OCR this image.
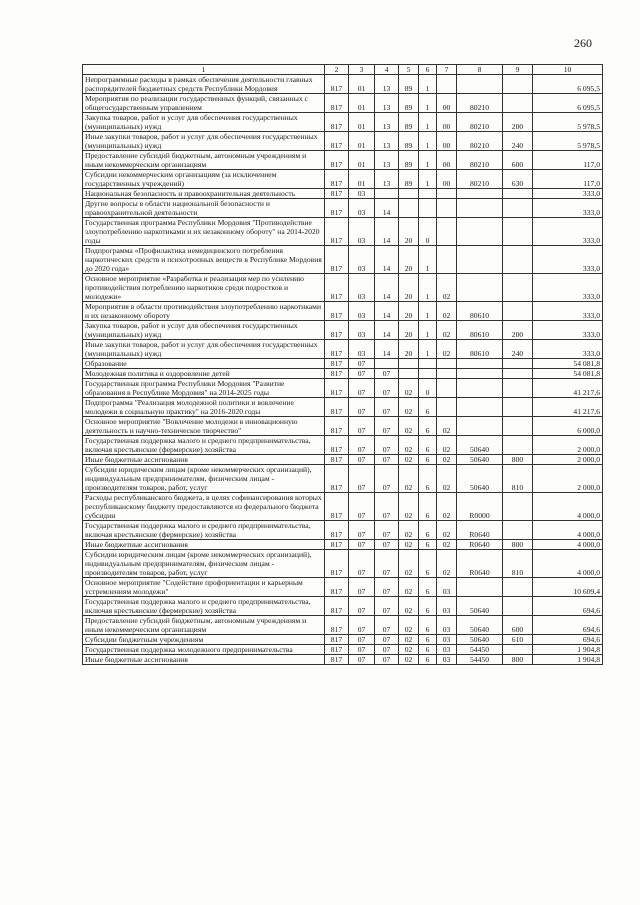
260
1	2	3	4	5	6	7	8	9	10
Непрограммные расходы в рамках обеспечения деятельности главных распорядителей бюджетных средств Республики Мордовия	817	01	13	89	1				6 095,5
Мероприятия по реализации государственных функций, связанных с общегосударственным управлением	817	01	13	89	1	00	80210		6 095,5
Закупка товаров, работ и услуг для обеспечения государственных (муниципальных) нужд	817	01	13	89	1	00	80210	200	5 978,5
Иные закупки товаров, работ и услуг для обеспечения государственных (муниципальных) нужд	817	01	13	89	1	00	80210	240	5 978,5
Предоставление субсидий бюджетным, автономным учреждениям и иным некоммерческим организациям	817	01	13	89	1	00	80210	600	117,0
Субсидии некоммерческим организациям (за исключением государственных учреждений)	817	01	13	89	1	00	80210	630	117,0
Национальная безопасность и правоохранительная деятельность	817	03							333,0
Другие вопросы в области национальной безопасности и правоохранительной деятельности	817	03	14						333,0
Государственная программа Республики Мордовия "Противодействие злоупотреблению наркотиками и их незаконному обороту" на 2014-2020 годы	817	03	14	20	0				333,0
Подпрограмма «Профилактика немедицинского потребления наркотических средств и психотропных веществ в Республике Мордовия до 2020 года»	817	03	14	20	1				333,0
Основное мероприятие «Разработка и реализация мер по усилению противодействия потреблению наркотиков среди подростков и молодежи»	817	03	14	20	1	02			333,0
Мероприятия в области противодействия злоупотреблению наркотиками и их незаконному обороту	817	03	14	20	1	02	80610		333,0
Закупка товаров, работ и услуг для обеспечения государственных (муниципальных) нужд	817	03	14	20	1	02	80610	200	333,0
Иные закупки товаров, работ и услуг для обеспечения государственных (муниципальных) нужд	817	03	14	20	1	02	80610	240	333,0
Образование	817	07							54 081,8
Молодежная политика и оздоровление детей	817	07	07						54 081,8
Государственная программа Республики Мордовия "Развитие образования в Республике Мордовия" на 2014-2025 годы	817	07	07	02	0				41 217,6
Подпрограмма "Реализация молодежной политики и вовлечение молодежи в социальную практику" на 2016-2020 годы	817	07	07	02	6				41 217,6
Основное мероприятие "Вовлечение молодежи в инновационную деятельность и научно-техническое творчество"	817	07	07	02	6	02			6 000,0
Государственная поддержка малого и среднего предпринимательства, включая крестьянские (фермерские) хозяйства	817	07	07	02	6	02	50640		2 000,0
Иные бюджетные ассигнования	817	07	07	02	6	02	50640	800	2 000,0
Субсидии юридическим лицам (кроме некоммерческих организаций), индивидуальным предпринимателям, физическим лицам - производителям товаров, работ, услуг	817	07	07	02	6	02	50640	810	2 000,0
Расходы республиканского бюджета, в целях софинансирования которых республиканскому бюджету предоставляются из федерального бюджета субсидии	817	07	07	02	6	02	R0000		4 000,0
Государственная поддержка малого и среднего предпринимательства, включая крестьянские (фермерские) хозяйства	817	07	07	02	6	02	R0640		4 000,0
Иные бюджетные ассигнования	817	07	07	02	6	02	R0640	800	4 000,0
Субсидии юридическим лицам (кроме некоммерческих организаций), индивидуальным предпринимателям, физическим лицам - производителям товаров, работ, услуг	817	07	07	02	6	02	R0640	810	4 000,0
Основное мероприятие "Содействие профориентации и карьерным устремлениям молодежи"	817	07	07	02	6	03			10 609,4
Государственная поддержка малого и среднего предпринимательства, включая крестьянские (фермерские) хозяйства	817	07	07	02	6	03	50640		694,6
Предоставление субсидий бюджетным, автономным учреждениям и иным некоммерческим организациям	817	07	07	02	6	03	50640	600	694,6
Субсидии бюджетным учреждениям	817	07	07	02	6	03	50640	610	694,6
Государственная поддержка молодежного предпринимательства	817	07	07	02	6	03	54450		1 904,8
Иные бюджетные ассигнования	817	07	07	02	6	03	54450	800	1 904,8
